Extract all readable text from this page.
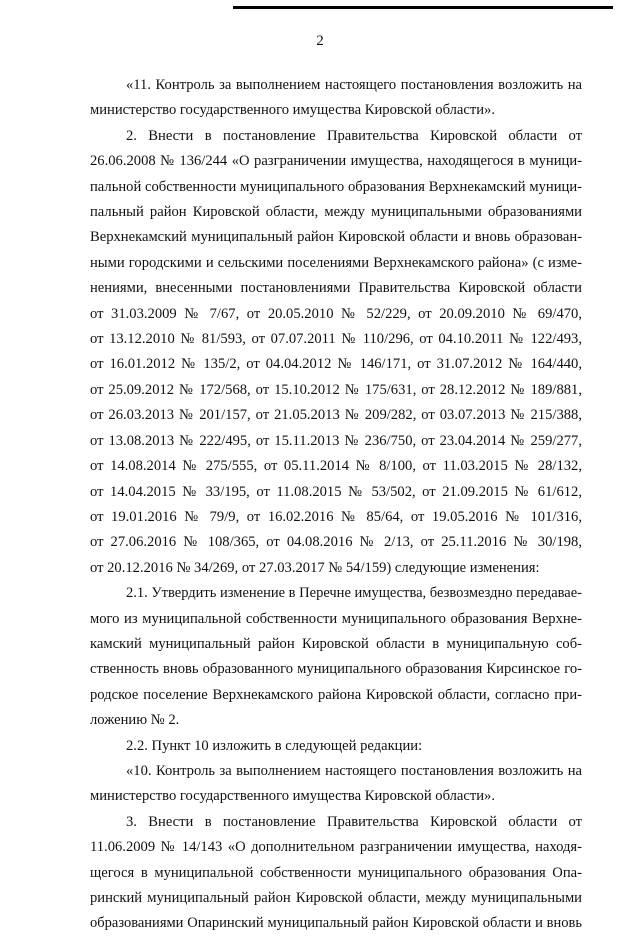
2
«11. Контроль за выполнением настоящего постановления возложить на
министерство государственного имущества Кировской области».
2. Внести в постановление Правительства Кировской области от
26.06.2008 № 136/244 «О разграничении имущества, находящегося в муници-
пальной собственности муниципального образования Верхнекамский муници-
пальный район Кировской области, между муниципальными образованиями
Верхнекамский муниципальный район Кировской области и вновь образован-
ными городскими и сельскими поселениями Верхнекамского района» (с изме-
нениями, внесенными постановлениями Правительства Кировской области
от 31.03.2009 № 7/67, от 20.05.2010 № 52/229, от 20.09.2010 № 69/470,
от 13.12.2010 № 81/593, от 07.07.2011 № 110/296, от 04.10.2011 № 122/493,
от 16.01.2012 № 135/2, от 04.04.2012 № 146/171, от 31.07.2012 № 164/440,
от 25.09.2012 № 172/568, от 15.10.2012 № 175/631, от 28.12.2012 № 189/881,
от 26.03.2013 № 201/157, от 21.05.2013 № 209/282, от 03.07.2013 № 215/388,
от 13.08.2013 № 222/495, от 15.11.2013 № 236/750, от 23.04.2014 № 259/277,
от 14.08.2014 № 275/555, от 05.11.2014 № 8/100, от 11.03.2015 № 28/132,
от 14.04.2015 № 33/195, от 11.08.2015 № 53/502, от 21.09.2015 № 61/612,
от 19.01.2016 № 79/9, от 16.02.2016 № 85/64, от 19.05.2016 № 101/316,
от 27.06.2016 № 108/365, от 04.08.2016 № 2/13, от 25.11.2016 № 30/198,
от 20.12.2016 № 34/269, от 27.03.2017 № 54/159) следующие изменения:
2.1. Утвердить изменение в Перечне имущества, безвозмездно передавае-
мого из муниципальной собственности муниципального образования Верхне-
камский муниципальный район Кировской области в муниципальную соб-
ственность вновь образованного муниципального образования Кирсинское го-
родское поселение Верхнекамского района Кировской области, согласно при-
ложению № 2.
2.2. Пункт 10 изложить в следующей редакции:
«10. Контроль за выполнением настоящего постановления возложить на
министерство государственного имущества Кировской области».
3. Внести в постановление Правительства Кировской области от
11.06.2009 № 14/143 «О дополнительном разграничении имущества, находя-
щегося в муниципальной собственности муниципального образования Опа-
ринский муниципальный район Кировской области, между муниципальными
образованиями Опаринский муниципальный район Кировской области и вновь
